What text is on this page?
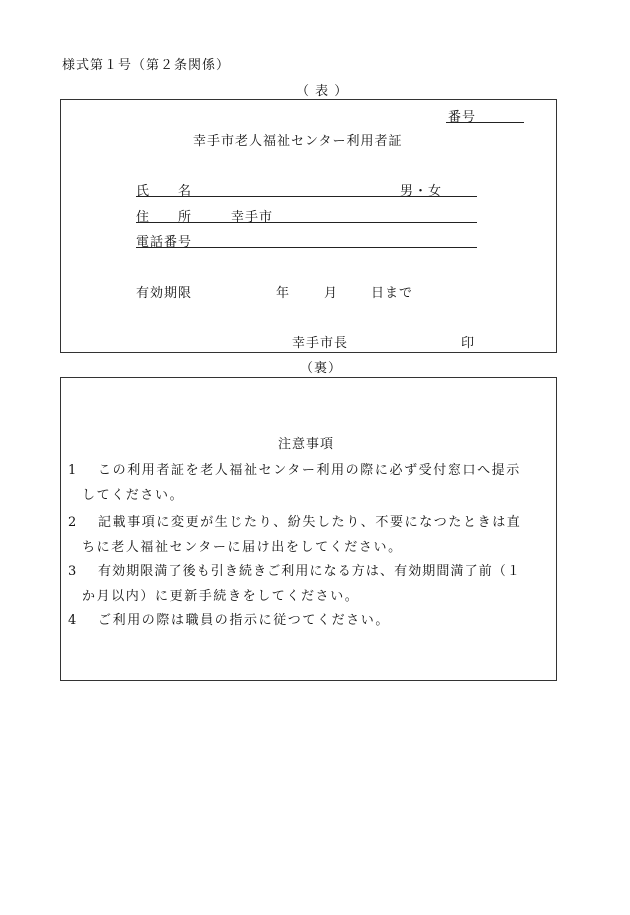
様式第１号（第２条関係）
（ 表 ）
番号
幸手市老人福祉センター利用者証
氏　　名	男・女
住　　所	幸手市
電話番号
有効期限	年	月	日まで
幸手市長	印
（裏）
注意事項
1 この利用者証を老人福祉センター利用の際に必ず受付窓口へ提示
してください。
2 記載事項に変更が生じたり、紛失したり、不要になつたときは直
ちに老人福祉センターに届け出をしてください。
3 有効期限満了後も引き続きご利用になる方は、有効期間満了前（１
か月以内）に更新手続きをしてください。
4 ご利用の際は職員の指示に従つてください。
